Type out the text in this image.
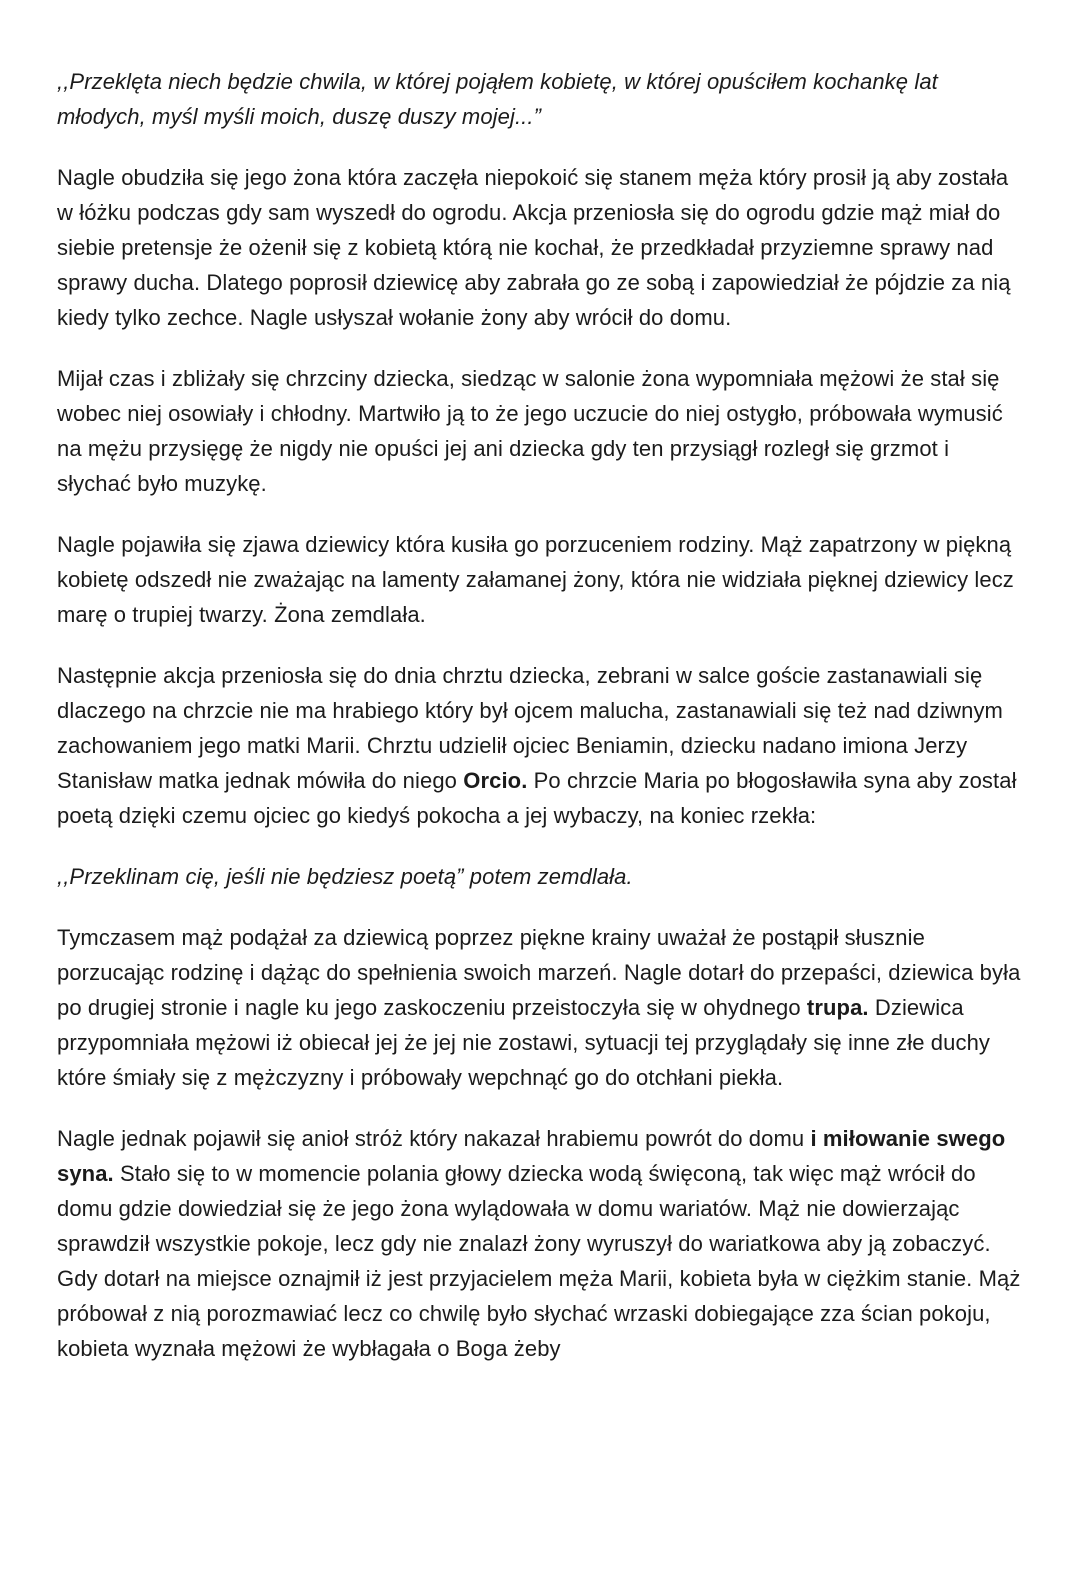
,,Przeklęta niech będzie chwila, w której pojąłem kobietę, w której opuściłem kochankę lat młodych, myśl myśli moich, duszę duszy mojej...”

Nagle obudziła się jego żona która zaczęła niepokoić się stanem męża który prosił ją aby została w łóżku podczas gdy sam wyszedł do ogrodu. Akcja przeniosła się do ogrodu gdzie mąż miał do siebie pretensje że ożenił się z kobietą którą nie kochał, że przedkładał przyziemne sprawy nad sprawy ducha. Dlatego poprosił dziewicę aby zabrała go ze sobą i zapowiedział że pójdzie za nią kiedy tylko zechce. Nagle usłyszał wołanie żony aby wrócił do domu.

Mijał czas i zbliżały się chrzciny dziecka, siedząc w salonie żona wypomniała mężowi że stał się wobec niej osowiały i chłodny. Martwiło ją to że jego uczucie do niej ostygło, próbowała wymusić na mężu przysięgę że nigdy nie opuści jej ani dziecka gdy ten przysiągł rozległ się grzmot i słychać było muzykę.

Nagle pojawiła się zjawa dziewicy która kusiła go porzuceniem rodziny. Mąż zapatrzony w piękną kobietę odszedł nie zważając na lamenty załamanej żony, która nie widziała pięknej dziewicy lecz marę o trupiej twarzy. Żona zemdlała.

Następnie akcja przeniosła się do dnia chrztu dziecka, zebrani w salce goście zastanawiali się dlaczego na chrzcie nie ma hrabiego który był ojcem malucha, zastanawiali się też nad dziwnym zachowaniem jego matki Marii. Chrztu udzielił ojciec Beniamin, dziecku nadano imiona Jerzy Stanisław matka jednak mówiła do niego Orcio. Po chrzcie Maria po błogosławiła syna aby został poetą dzięki czemu ojciec go kiedyś pokocha a jej wybaczy, na koniec rzekła:

,,Przeklinam cię, jeśli nie będziesz poetą” potem zemdlała.

Tymczasem mąż podążał za dziewicą poprzez piękne krainy uważał że postąpił słusznie porzucając rodzinę i dążąc do spełnienia swoich marzeń. Nagle dotarł do przepaści, dziewica była po drugiej stronie i nagle ku jego zaskoczeniu przeistoczyła się w ohydnego trupa. Dziewica przypomniała mężowi iż obiecał jej że jej nie zostawi, sytuacji tej przyglądały się inne złe duchy które śmiały się z mężczyzny i próbowały wepchnąć go do otchłani piekła.

Nagle jednak pojawił się anioł stróż który nakazał hrabiemu powrót do domu i miłowanie swego syna. Stało się to w momencie polania głowy dziecka wodą święconą, tak więc mąż wrócił do domu gdzie dowiedział się że jego żona wylądowała w domu wariatów. Mąż nie dowierzając sprawdził wszystkie pokoje, lecz gdy nie znalazł żony wyruszył do wariatkowa aby ją zobaczyć. Gdy dotarł na miejsce oznajmił iż jest przyjacielem męża Marii, kobieta była w ciężkim stanie. Mąż próbował z nią porozmawiać lecz co chwilę było słychać wrzaski dobiegające zza ścian pokoju, kobieta wyznała mężowi że wybłagała o Boga żeby
